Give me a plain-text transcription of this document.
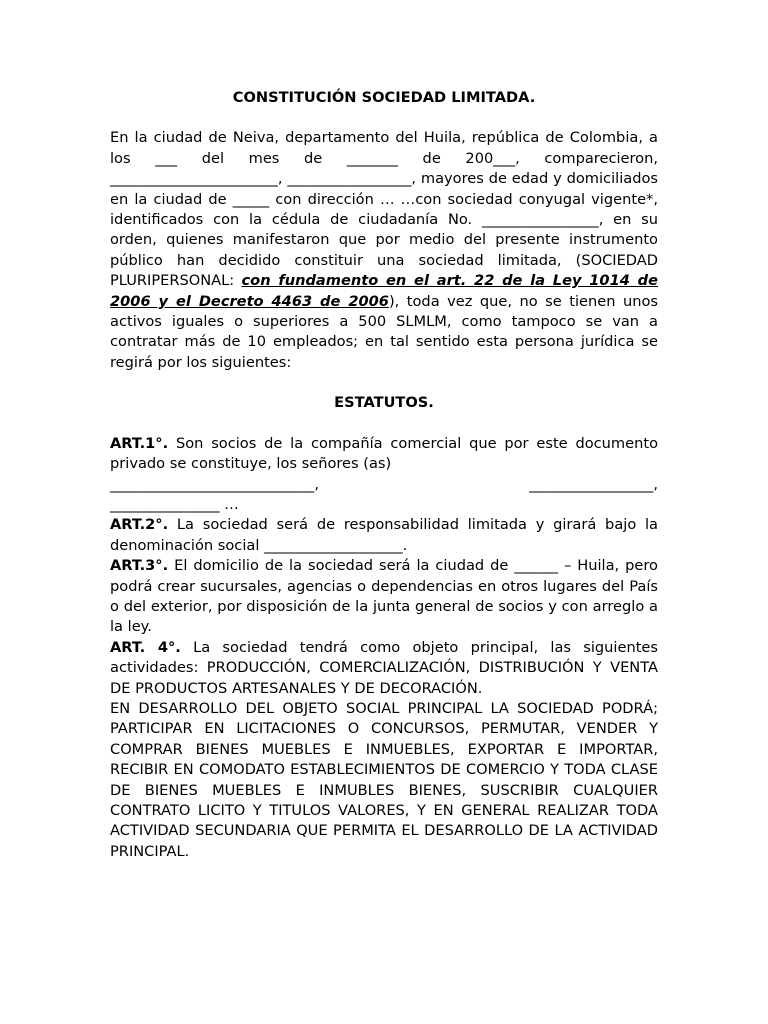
CONSTITUCIÓN SOCIEDAD LIMITADA.

En la ciudad de Neiva, departamento del Huila, república de Colombia, a los ___ del mes de _______ de 200___, comparecieron, _______________________, _________________, mayores de edad y domiciliados en la ciudad de _____ con dirección … …con sociedad conyugal vigente*, identificados con la cédula de ciudadanía No. ________________, en su orden, quienes manifestaron que por medio del presente instrumento público han decidido constituir una sociedad limitada, (SOCIEDAD PLURIPERSONAL: con fundamento en el art. 22 de la Ley 1014 de 2006 y el Decreto 4463 de 2006), toda vez que, no se tienen unos activos iguales o superiores a 500 SLMLM, como tampoco se van a contratar más de 10 empleados; en tal sentido esta persona jurídica se regirá por los siguientes:

ESTATUTOS.

ART.1°. Son socios de la compañía comercial que por este documento privado se constituye, los señores (as)

____________________________, _________________,

_______________ …

ART.2°. La sociedad será de responsabilidad limitada y girará bajo la denominación social ___________________.

ART.3°. El domicilio de la sociedad será la ciudad de ______ – Huila, pero podrá crear sucursales, agencias o dependencias en otros lugares del País o del exterior, por disposición de la junta general de socios y con arreglo a la ley.

ART. 4°. La sociedad tendrá como objeto principal, las siguientes actividades: PRODUCCIÓN, COMERCIALIZACIÓN, DISTRIBUCIÓN Y VENTA DE PRODUCTOS ARTESANALES Y DE DECORACIÓN.

EN DESARROLLO DEL OBJETO SOCIAL PRINCIPAL LA SOCIEDAD PODRÁ; PARTICIPAR EN LICITACIONES O CONCURSOS, PERMUTAR, VENDER Y COMPRAR BIENES MUEBLES E INMUEBLES, EXPORTAR E IMPORTAR, RECIBIR EN COMODATO ESTABLECIMIENTOS DE COMERCIO Y TODA CLASE DE BIENES MUEBLES E INMUBLES BIENES, SUSCRIBIR CUALQUIER CONTRATO LICITO Y TITULOS VALORES, Y EN GENERAL REALIZAR TODA ACTIVIDAD SECUNDARIA QUE PERMITA EL DESARROLLO DE LA ACTIVIDAD PRINCIPAL.
